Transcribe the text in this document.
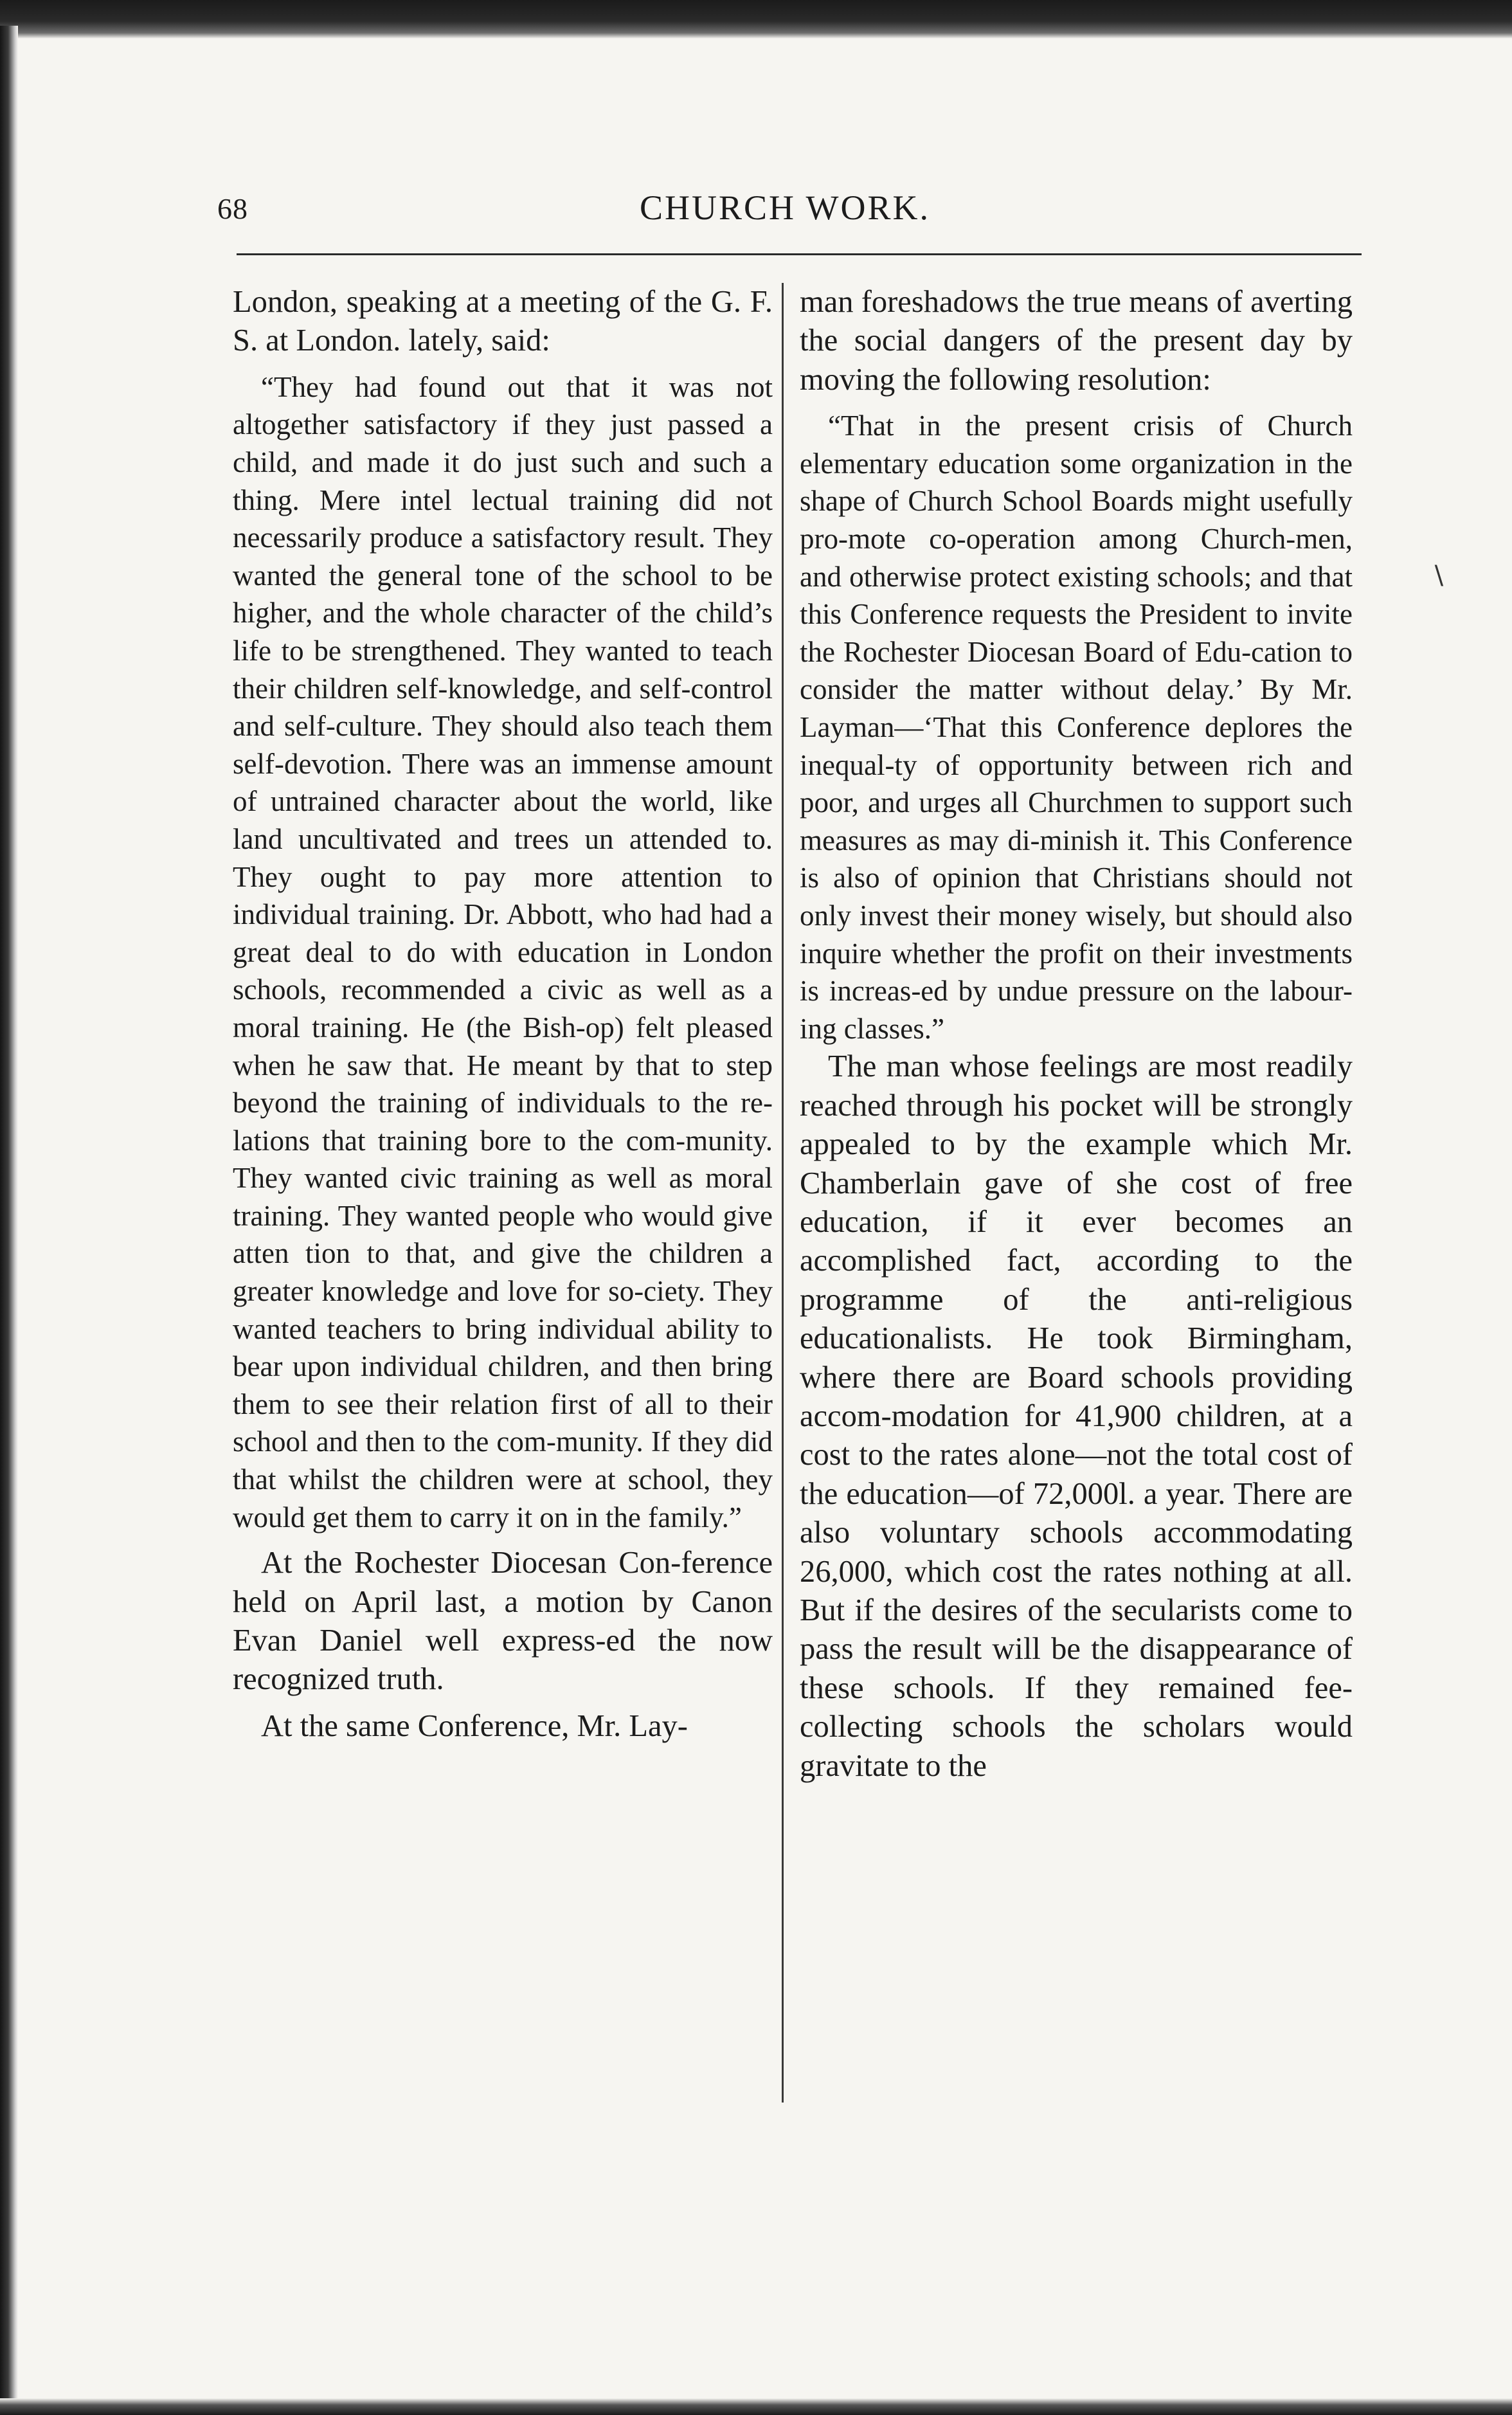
68	CHURCH WORK.

London, speaking at a meeting of the G. F. S. at London. lately, said:

“They had found out that it was not altogether satisfactory if they just passed a child, and made it do just such and such a thing. Mere intel lectual training did not necessarily produce a satisfactory result. They wanted the general tone of the school to be higher, and the whole character of the child’s life to be strengthened. They wanted to teach their children self-knowledge, and self-control and self-culture. They should also teach them self-devotion. There was an immense amount of untrained character about the world, like land uncultivated and trees un attended to. They ought to pay more attention to individual training. Dr. Abbott, who had had a great deal to do with education in London schools, recommended a civic as well as a moral training. He (the Bish-op) felt pleased when he saw that. He meant by that to step beyond the training of individuals to the re-lations that training bore to the com-munity. They wanted civic training as well as moral training. They wanted people who would give atten tion to that, and give the children a greater knowledge and love for so-ciety. They wanted teachers to bring individual ability to bear upon individual children, and then bring them to see their relation first of all to their school and then to the com-munity. If they did that whilst the children were at school, they would get them to carry it on in the family.”

At the Rochester Diocesan Con-ference held on April last, a motion by Canon Evan Daniel well express-ed the now recognized truth.

At the same Conference, Mr. Lay-

man foreshadows the true means of averting the social dangers of the present day by moving the following resolution:

“That in the present crisis of Church elementary education some organization in the shape of Church School Boards might usefully pro-mote co-operation among Church-men, and otherwise protect existing schools; and that this Conference requests the President to invite the Rochester Diocesan Board of Edu-cation to consider the matter without delay.’ By Mr. Layman—‘That this Conference deplores the inequal-ty of opportunity between rich and poor, and urges all Churchmen to support such measures as may di-minish it. This Conference is also of opinion that Christians should not only invest their money wisely, but should also inquire whether the profit on their investments is increas-ed by undue pressure on the labour-ing classes.”

The man whose feelings are most readily reached through his pocket will be strongly appealed to by the example which Mr. Chamberlain gave of she cost of free education, if it ever becomes an accomplished fact, according to the programme of the anti-religious educationalists. He took Birmingham, where there are Board schools providing accom-modation for 41,900 children, at a cost to the rates alone—not the total cost of the education—of 72,000l. a year. There are also voluntary schools accommodating 26,000, which cost the rates nothing at all. But if the desires of the secularists come to pass the result will be the disappearance of these schools. If they remained fee-collecting schools the scholars would gravitate to the

∖
